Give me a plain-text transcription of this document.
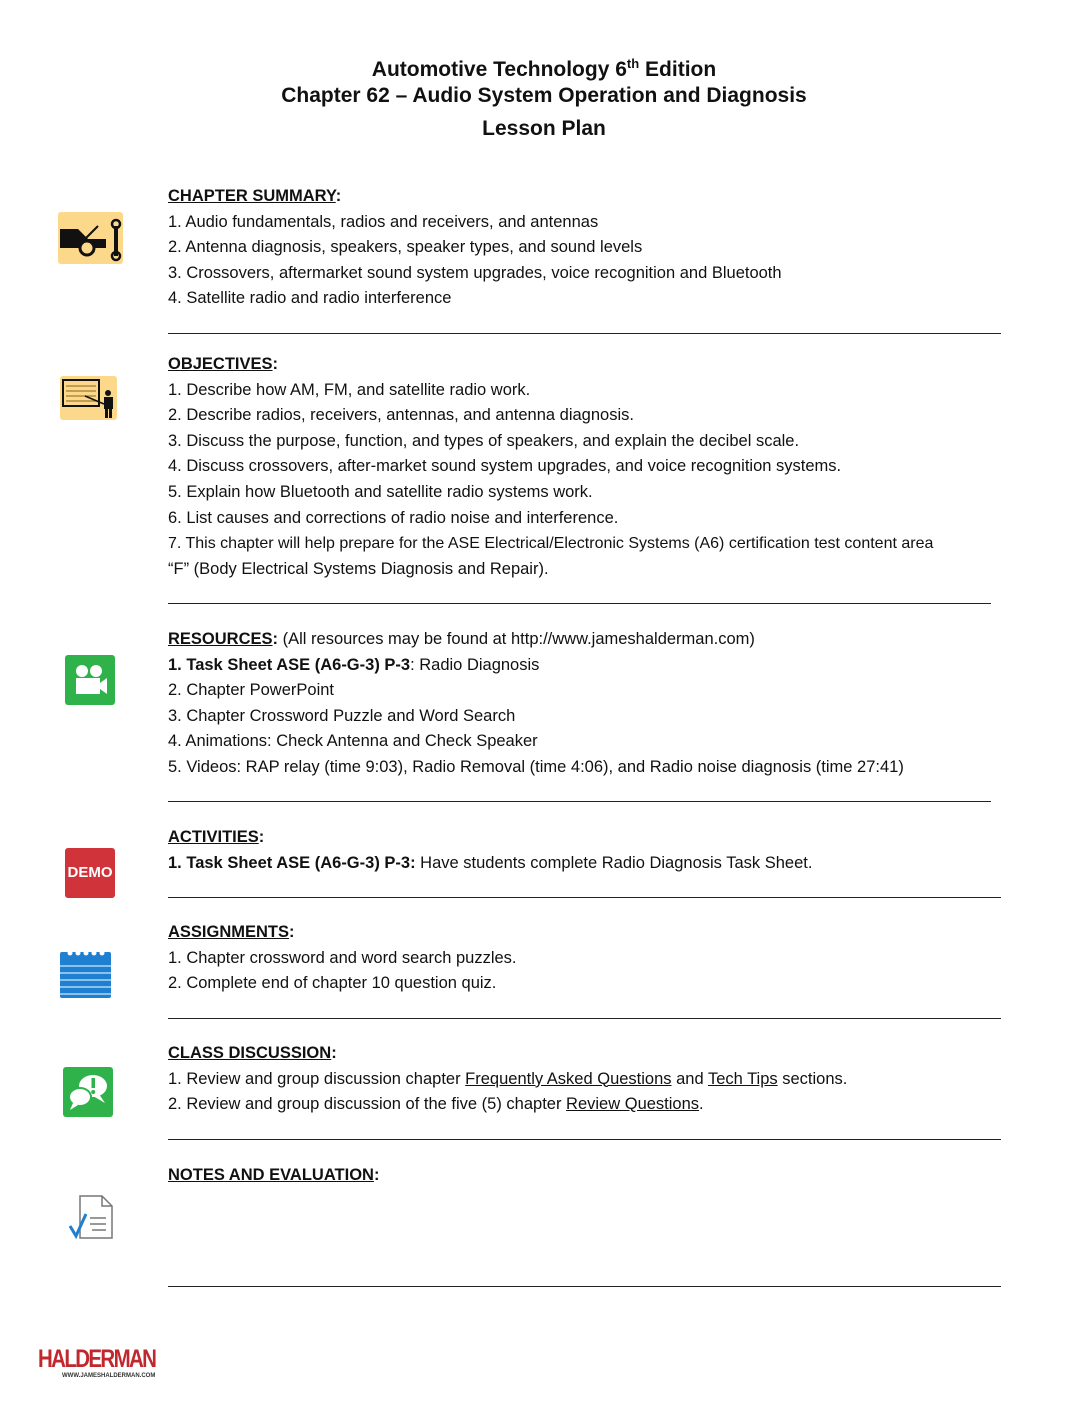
Automotive Technology 6th Edition
Chapter 62 – Audio System Operation and Diagnosis
Lesson Plan
CHAPTER SUMMARY:
1. Audio fundamentals, radios and receivers, and antennas
2. Antenna diagnosis, speakers, speaker types, and sound levels
3. Crossovers, aftermarket sound system upgrades, voice recognition and Bluetooth
4. Satellite radio and radio interference
OBJECTIVES:
1. Describe how AM, FM, and satellite radio work.
2. Describe radios, receivers, antennas, and antenna diagnosis.
3. Discuss the purpose, function, and types of speakers, and explain the decibel scale.
4. Discuss crossovers, after-market sound system upgrades, and voice recognition systems.
5. Explain how Bluetooth and satellite radio systems work.
6. List causes and corrections of radio noise and interference.
7. This chapter will help prepare for the ASE Electrical/Electronic Systems (A6) certification test content area
“F” (Body Electrical Systems Diagnosis and Repair).
RESOURCES: (All resources may be found at http://www.jameshalderman.com)
1. Task Sheet ASE (A6-G-3) P-3: Radio Diagnosis
2. Chapter PowerPoint
3. Chapter Crossword Puzzle and Word Search
4. Animations: Check Antenna and Check Speaker
5. Videos: RAP relay (time 9:03), Radio Removal (time 4:06), and Radio noise diagnosis (time 27:41)
DEMO
ACTIVITIES:
1. Task Sheet ASE (A6-G-3) P-3: Have students complete Radio Diagnosis Task Sheet.
ASSIGNMENTS:
1. Chapter crossword and word search puzzles.
2. Complete end of chapter 10 question quiz.
CLASS DISCUSSION:
1. Review and group discussion chapter Frequently Asked Questions and Tech Tips sections.
2. Review and group discussion of the five (5) chapter Review Questions.
NOTES AND EVALUATION:
HALDERMAN
WWW.JAMESHALDERMAN.COM
